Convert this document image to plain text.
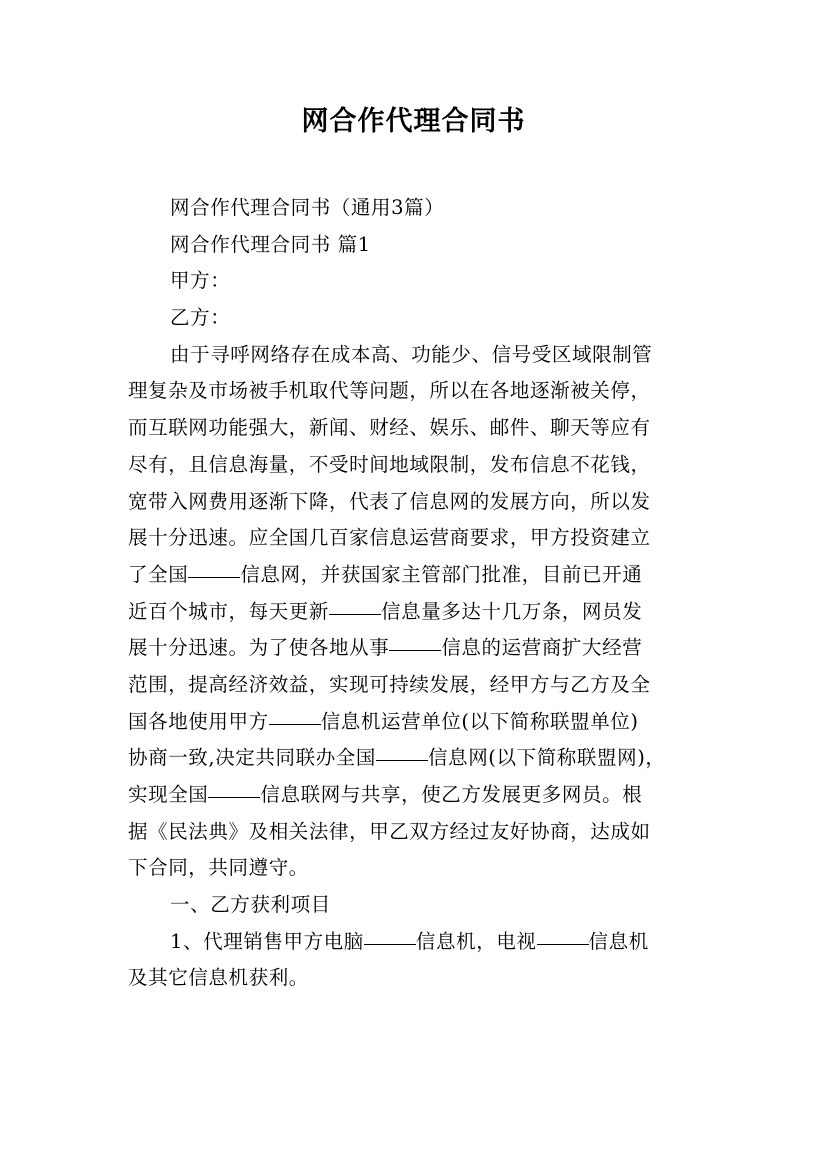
网合作代理合同书
网合作代理合同书（通用3篇）
网合作代理合同书 篇1
甲方：
乙方：
由于寻呼网络存在成本高、功能少、信号受区域限制管
理复杂及市场被手机取代等问题，所以在各地逐渐被关停，
而互联网功能强大，新闻、财经、娱乐、邮件、聊天等应有
尽有，且信息海量，不受时间地域限制，发布信息不花钱，
宽带入网费用逐渐下降，代表了信息网的发展方向，所以发
展十分迅速。应全国几百家信息运营商要求，甲方投资建立
了全国	信息网，并获国家主管部门批准，目前已开通
近百个城市，每天更新	信息量多达十几万条，网员发
展十分迅速。为了使各地从事	信息的运营商扩大经营
范围，提高经济效益，实现可持续发展，经甲方与乙方及全
国各地使用甲方	信息机运营单位(以下简称联盟单位)
协商一致,决定共同联办全国	信息网(以下简称联盟网)，
实现全国	信息联网与共享，使乙方发展更多网员。根
据《民法典》及相关法律，甲乙双方经过友好协商，达成如
下合同，共同遵守。
一、乙方获利项目
1、代理销售甲方电脑	信息机，电视	信息机
及其它信息机获利。
